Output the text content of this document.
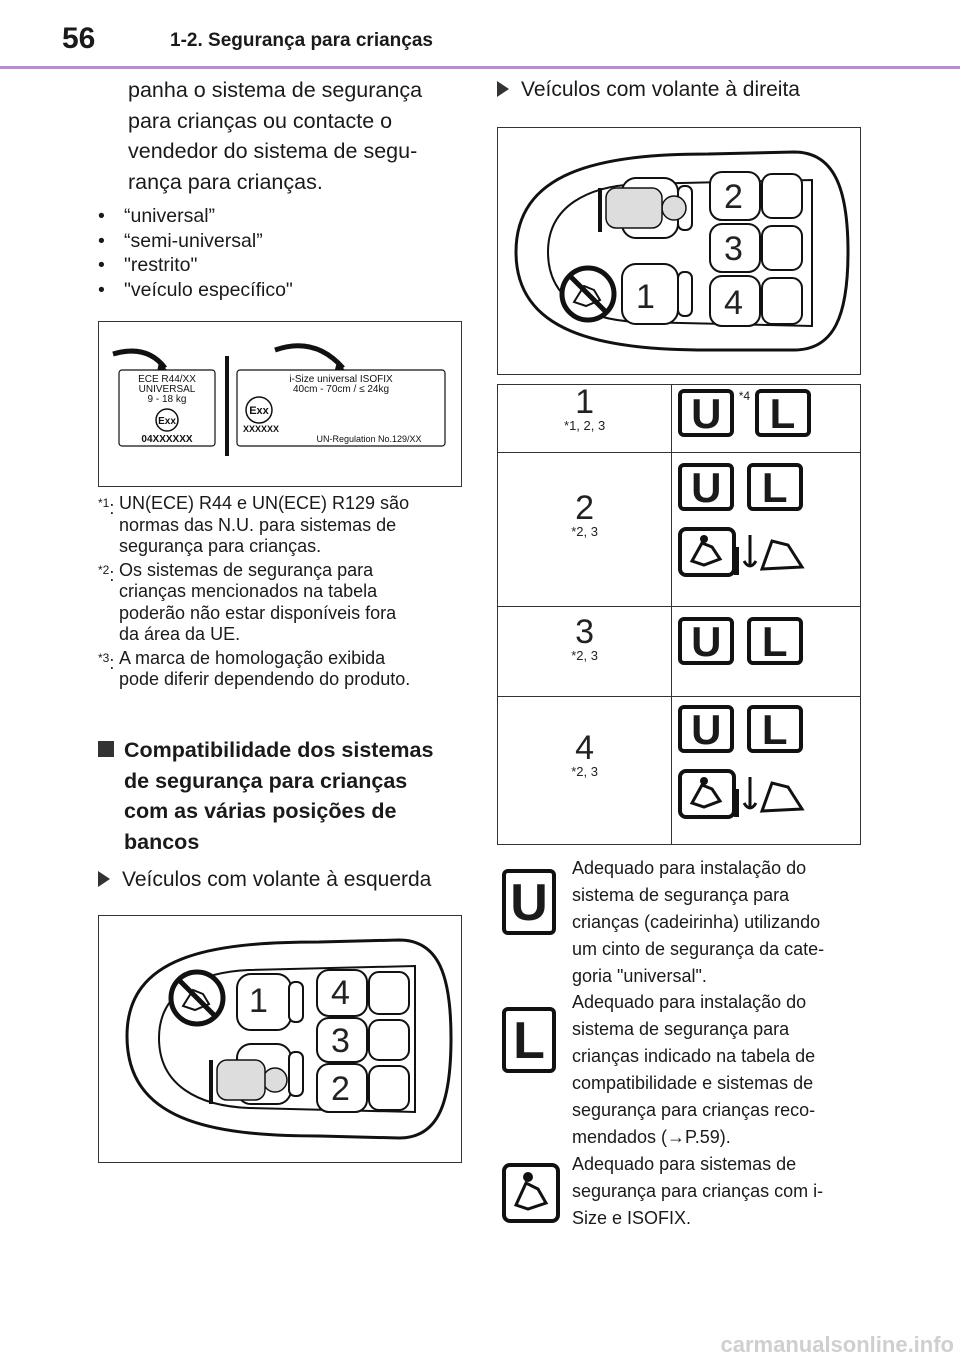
56	1-2. Segurança para crianças
panha o sistema de segurança
para crianças ou contacte o
vendedor do sistema de segu-
rança para crianças.
• “universal”
• “semi-universal”
• "restrito"
• "veículo específico"
ECE R44/XX
UNIVERSAL
9 - 18 kg
Exx
04XXXXXX
i-Size universal ISOFIX
40cm - 70cm / ≤ 24kg
Exx
XXXXXX
UN-Regulation No.129/XX
$^{*1}$: UN(ECE) R44 e UN(ECE) R129 são
normas das N.U. para sistemas de
segurança para crianças.
$^{*2}$: Os sistemas de segurança para
crianças mencionados na tabela
poderão não estar disponíveis fora
da área da UE.
$^{*3}$: A marca de homologação exibida
pode diferir dependendo do produto.
Compatibilidade dos sistemas
de segurança para crianças
com as várias posições de
bancos
Veículos com volante à esquerda
1 4
3
2
Veículos com volante à direita
1
2
3
4
1
*1, 2, 3	U $^{*4}$ L

2
*2, 3	U L

3
*2, 3	U L

4
*2, 3	U L
U
Adequado para instalação do
sistema de segurança para
crianças (cadeirinha) utilizando
um cinto de segurança da cate-
goria "universal".
L
Adequado para instalação do
sistema de segurança para
crianças indicado na tabela de
compatibilidade e sistemas de
segurança para crianças reco-
mendados (→P.59).
Adequado para sistemas de
segurança para crianças com i-
Size e ISOFIX.
carmanualsonline.info
